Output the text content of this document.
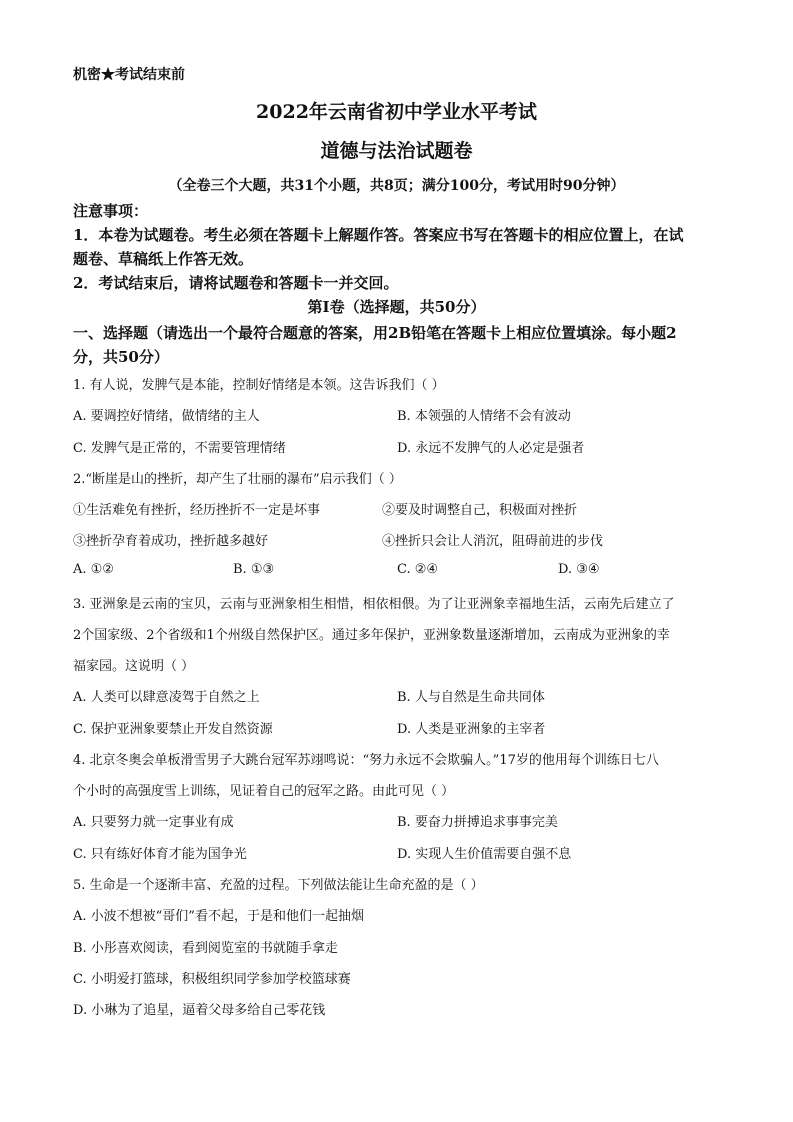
机密★考试结束前
2022年云南省初中学业水平考试
道德与法治试题卷
（全卷三个大题，共31个小题，共8页；满分100分，考试用时90分钟）
注意事项：
1．本卷为试题卷。考生必须在答题卡上解题作答。答案应书写在答题卡的相应位置上，在试
题卷、草稿纸上作答无效。
2．考试结束后，请将试题卷和答题卡一并交回。
第Ⅰ卷（选择题，共50分）
一、选择题（请选出一个最符合题意的答案，用2B铅笔在答题卡上相应位置填涂。每小题2
分，共50分）
1. 有人说，发脾气是本能，控制好情绪是本领。这告诉我们（ ）
A. 要调控好情绪，做情绪的主人	B. 本领强的人情绪不会有波动
C. 发脾气是正常的，不需要管理情绪	D. 永远不发脾气的人必定是强者
2.“断崖是山的挫折，却产生了壮丽的瀑布”启示我们（ ）
①生活难免有挫折，经历挫折不一定是坏事	②要及时调整自己，积极面对挫折
③挫折孕育着成功，挫折越多越好	④挫折只会让人消沉，阻碍前进的步伐
A. ①②	B. ①③	C. ②④	D. ③④
3. 亚洲象是云南的宝贝，云南与亚洲象相生相惜，相依相偎。为了让亚洲象幸福地生活，云南先后建立了
2个国家级、2个省级和1个州级自然保护区。通过多年保护，亚洲象数量逐渐增加，云南成为亚洲象的幸
福家园。这说明（ ）
A. 人类可以肆意凌驾于自然之上	B. 人与自然是生命共同体
C. 保护亚洲象要禁止开发自然资源	D. 人类是亚洲象的主宰者
4. 北京冬奥会单板滑雪男子大跳台冠军苏翊鸣说：“努力永远不会欺骗人。”17岁的他用每个训练日七八
个小时的高强度雪上训练，见证着自己的冠军之路。由此可见（ ）
A. 只要努力就一定事业有成	B. 要奋力拼搏追求事事完美
C. 只有练好体育才能为国争光	D. 实现人生价值需要自强不息
5. 生命是一个逐渐丰富、充盈的过程。下列做法能让生命充盈的是（ ）
A. 小波不想被“哥们”看不起，于是和他们一起抽烟
B. 小彤喜欢阅读，看到阅览室的书就随手拿走
C. 小明爱打篮球，积极组织同学参加学校篮球赛
D. 小琳为了追星，逼着父母多给自己零花钱
